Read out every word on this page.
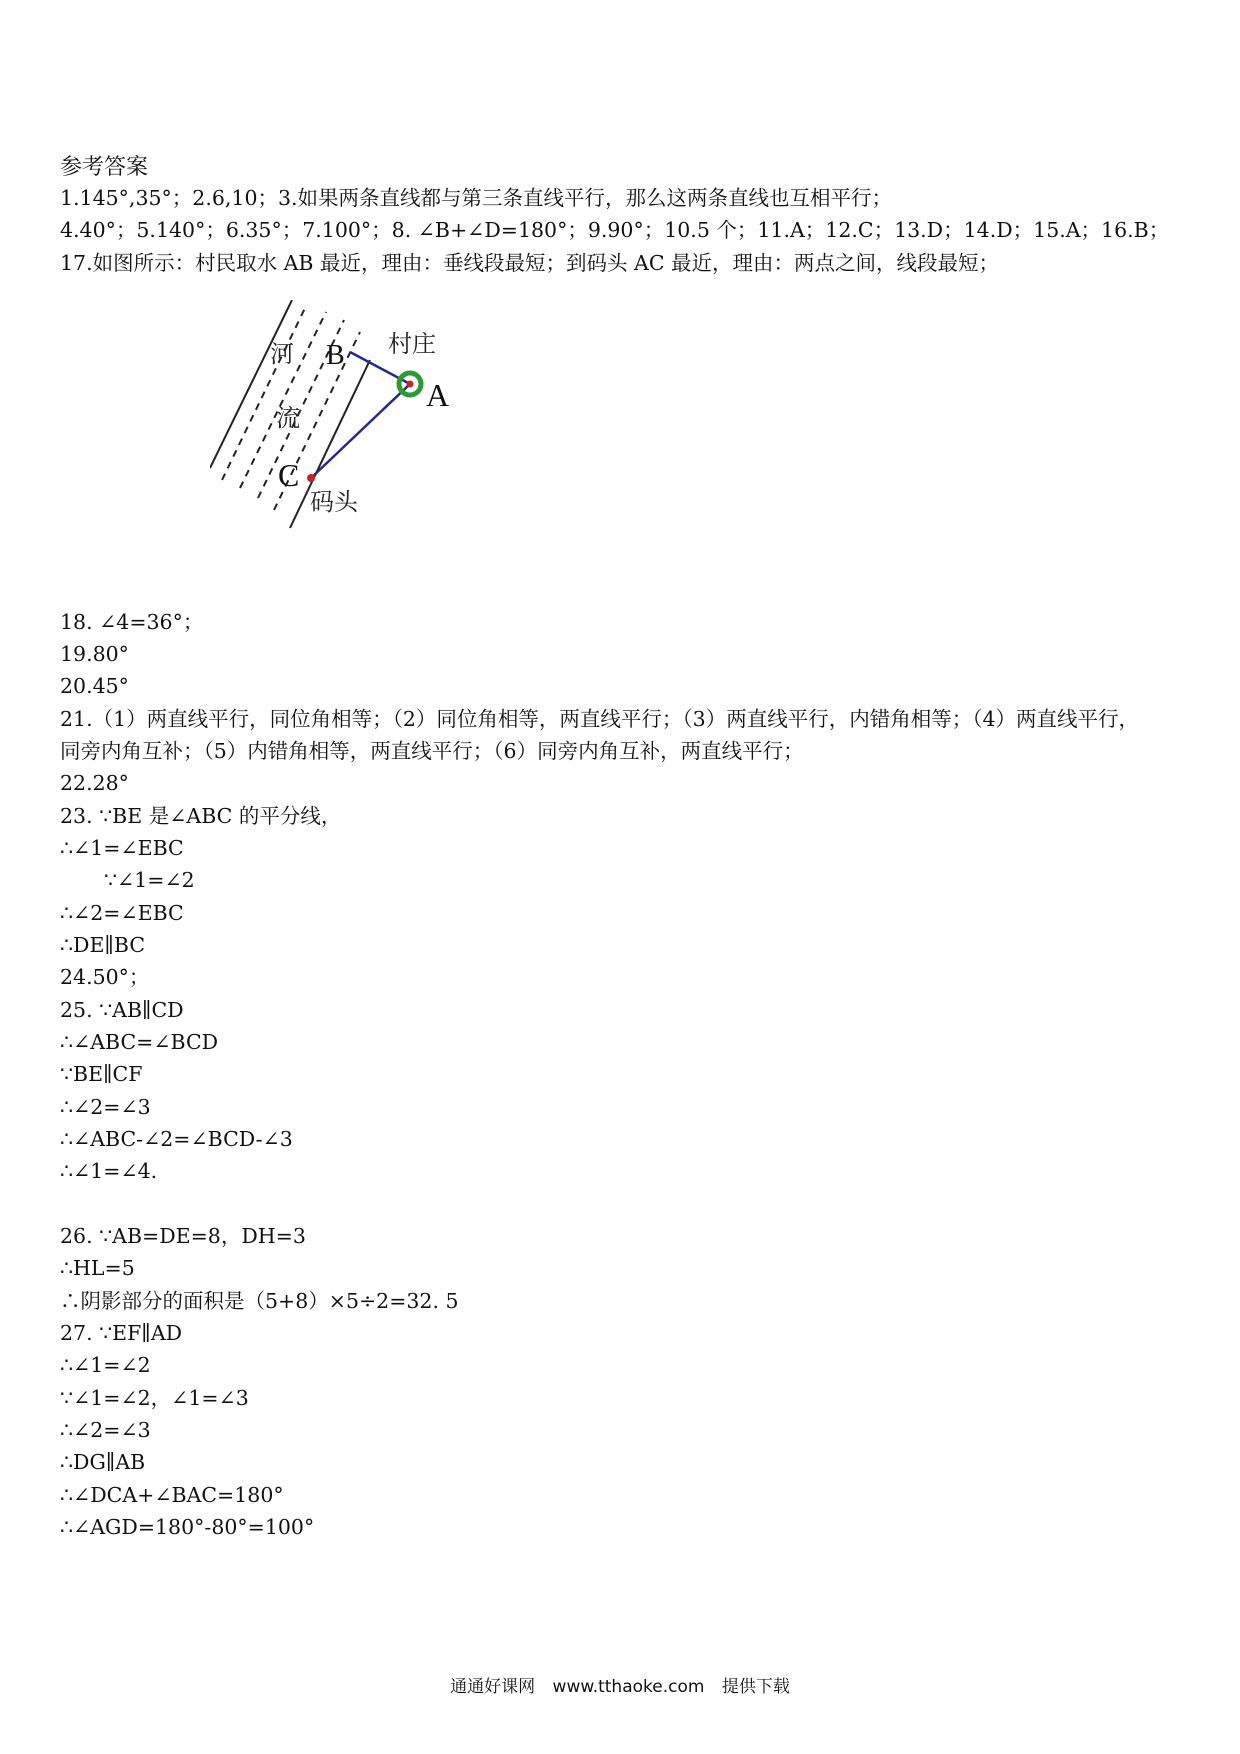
参考答案
1.145°,35°；2.6,10；3.如果两条直线都与第三条直线平行，那么这两条直线也互相平行；
4.40°；5.140°；6.35°；7.100°；8. ∠B+∠D=180°；9.90°；10.5 个；11.A；12.C；13.D；14.D；15.A；16.B；
17.如图所示：村民取水 AB 最近，理由：垂线段最短；到码头 AC 最近，理由：两点之间，线段最短；
河
流
B 村庄
A
C
码头
18. ∠4=36°；
19.80°
20.45°
21.（1）两直线平行，同位角相等；（2）同位角相等，两直线平行；（3）两直线平行，内错角相等；（4）两直线平行，
同旁内角互补；（5）内错角相等，两直线平行；（6）同旁内角互补，两直线平行；
22.28°
23. ∵BE 是∠ABC 的平分线，
∴∠1=∠EBC
∵∠1=∠2
∴∠2=∠EBC
∴DE∥BC
24.50°；
25. ∵AB∥CD
∴∠ABC=∠BCD
∵BE∥CF
∴∠2=∠3
∴∠ABC-∠2=∠BCD-∠3
∴∠1=∠4.
26. ∵AB=DE=8，DH=3
∴HL=5
∴阴影部分的面积是（5+8）×5÷2=32. 5
27. ∵EF∥AD
∴∠1=∠2
∵∠1=∠2，∠1=∠3
∴∠2=∠3
∴DG∥AB
∴∠DCA+∠BAC=180°
∴∠AGD=180°-80°=100°
通通好课网 www.tthaoke.com 提供下载
